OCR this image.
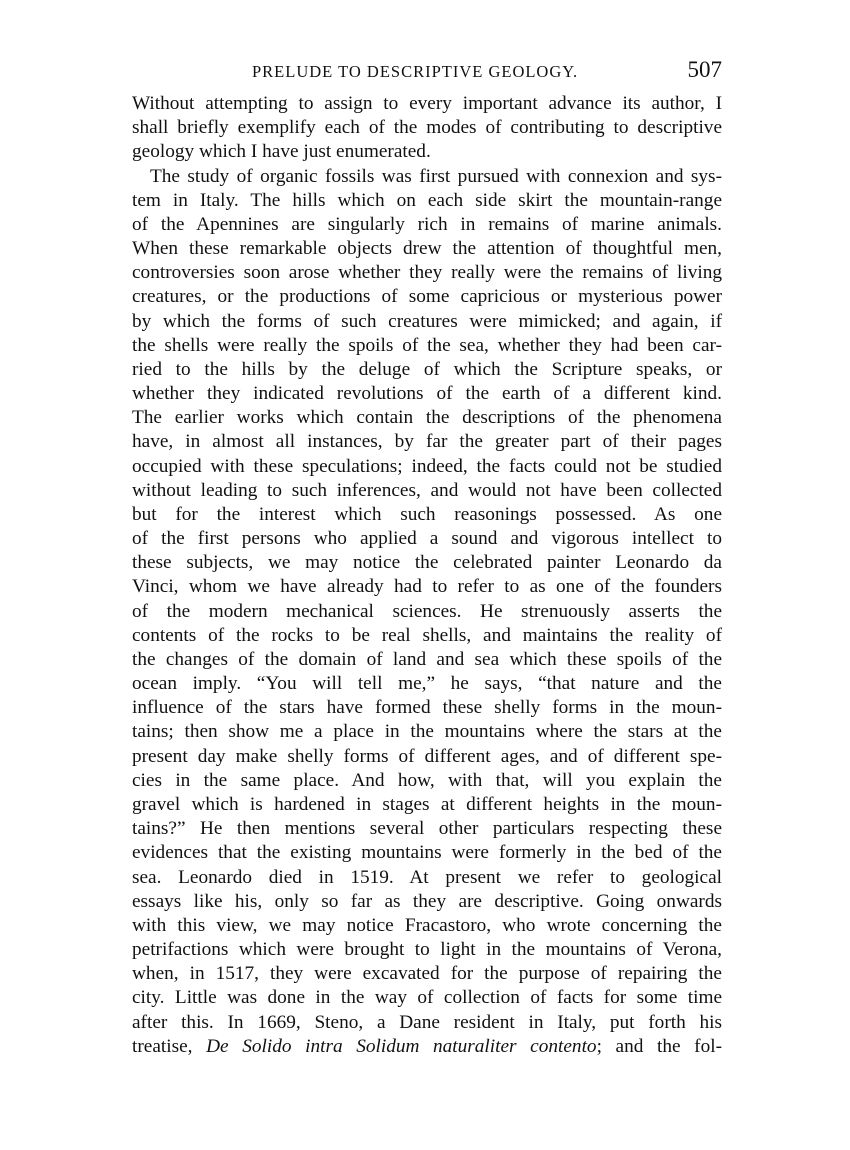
PRELUDE TO DESCRIPTIVE GEOLOGY.	507
Without attempting to assign to every important advance its author, I
shall briefly exemplify each of the modes of contributing to descriptive
geology which I have just enumerated.
The study of organic fossils was first pursued with connexion and sys-
tem in Italy. The hills which on each side skirt the mountain-range
of the Apennines are singularly rich in remains of marine animals.
When these remarkable objects drew the attention of thoughtful men,
controversies soon arose whether they really were the remains of living
creatures, or the productions of some capricious or mysterious power
by which the forms of such creatures were mimicked; and again, if
the shells were really the spoils of the sea, whether they had been car-
ried to the hills by the deluge of which the Scripture speaks, or
whether they indicated revolutions of the earth of a different kind.
The earlier works which contain the descriptions of the phenomena
have, in almost all instances, by far the greater part of their pages
occupied with these speculations; indeed, the facts could not be studied
without leading to such inferences, and would not have been collected
but for the interest which such reasonings possessed. As one
of the first persons who applied a sound and vigorous intellect to
these subjects, we may notice the celebrated painter Leonardo da
Vinci, whom we have already had to refer to as one of the founders
of the modern mechanical sciences. He strenuously asserts the
contents of the rocks to be real shells, and maintains the reality of
the changes of the domain of land and sea which these spoils of the
ocean imply. “You will tell me,” he says, “that nature and the
influence of the stars have formed these shelly forms in the moun-
tains; then show me a place in the mountains where the stars at the
present day make shelly forms of different ages, and of different spe-
cies in the same place. And how, with that, will you explain the
gravel which is hardened in stages at different heights in the moun-
tains?” He then mentions several other particulars respecting these
evidences that the existing mountains were formerly in the bed of the
sea. Leonardo died in 1519. At present we refer to geological
essays like his, only so far as they are descriptive. Going onwards
with this view, we may notice Fracastoro, who wrote concerning the
petrifactions which were brought to light in the mountains of Verona,
when, in 1517, they were excavated for the purpose of repairing the
city. Little was done in the way of collection of facts for some time
after this. In 1669, Steno, a Dane resident in Italy, put forth his
treatise, De Solido intra Solidum naturaliter contento; and the fol-
